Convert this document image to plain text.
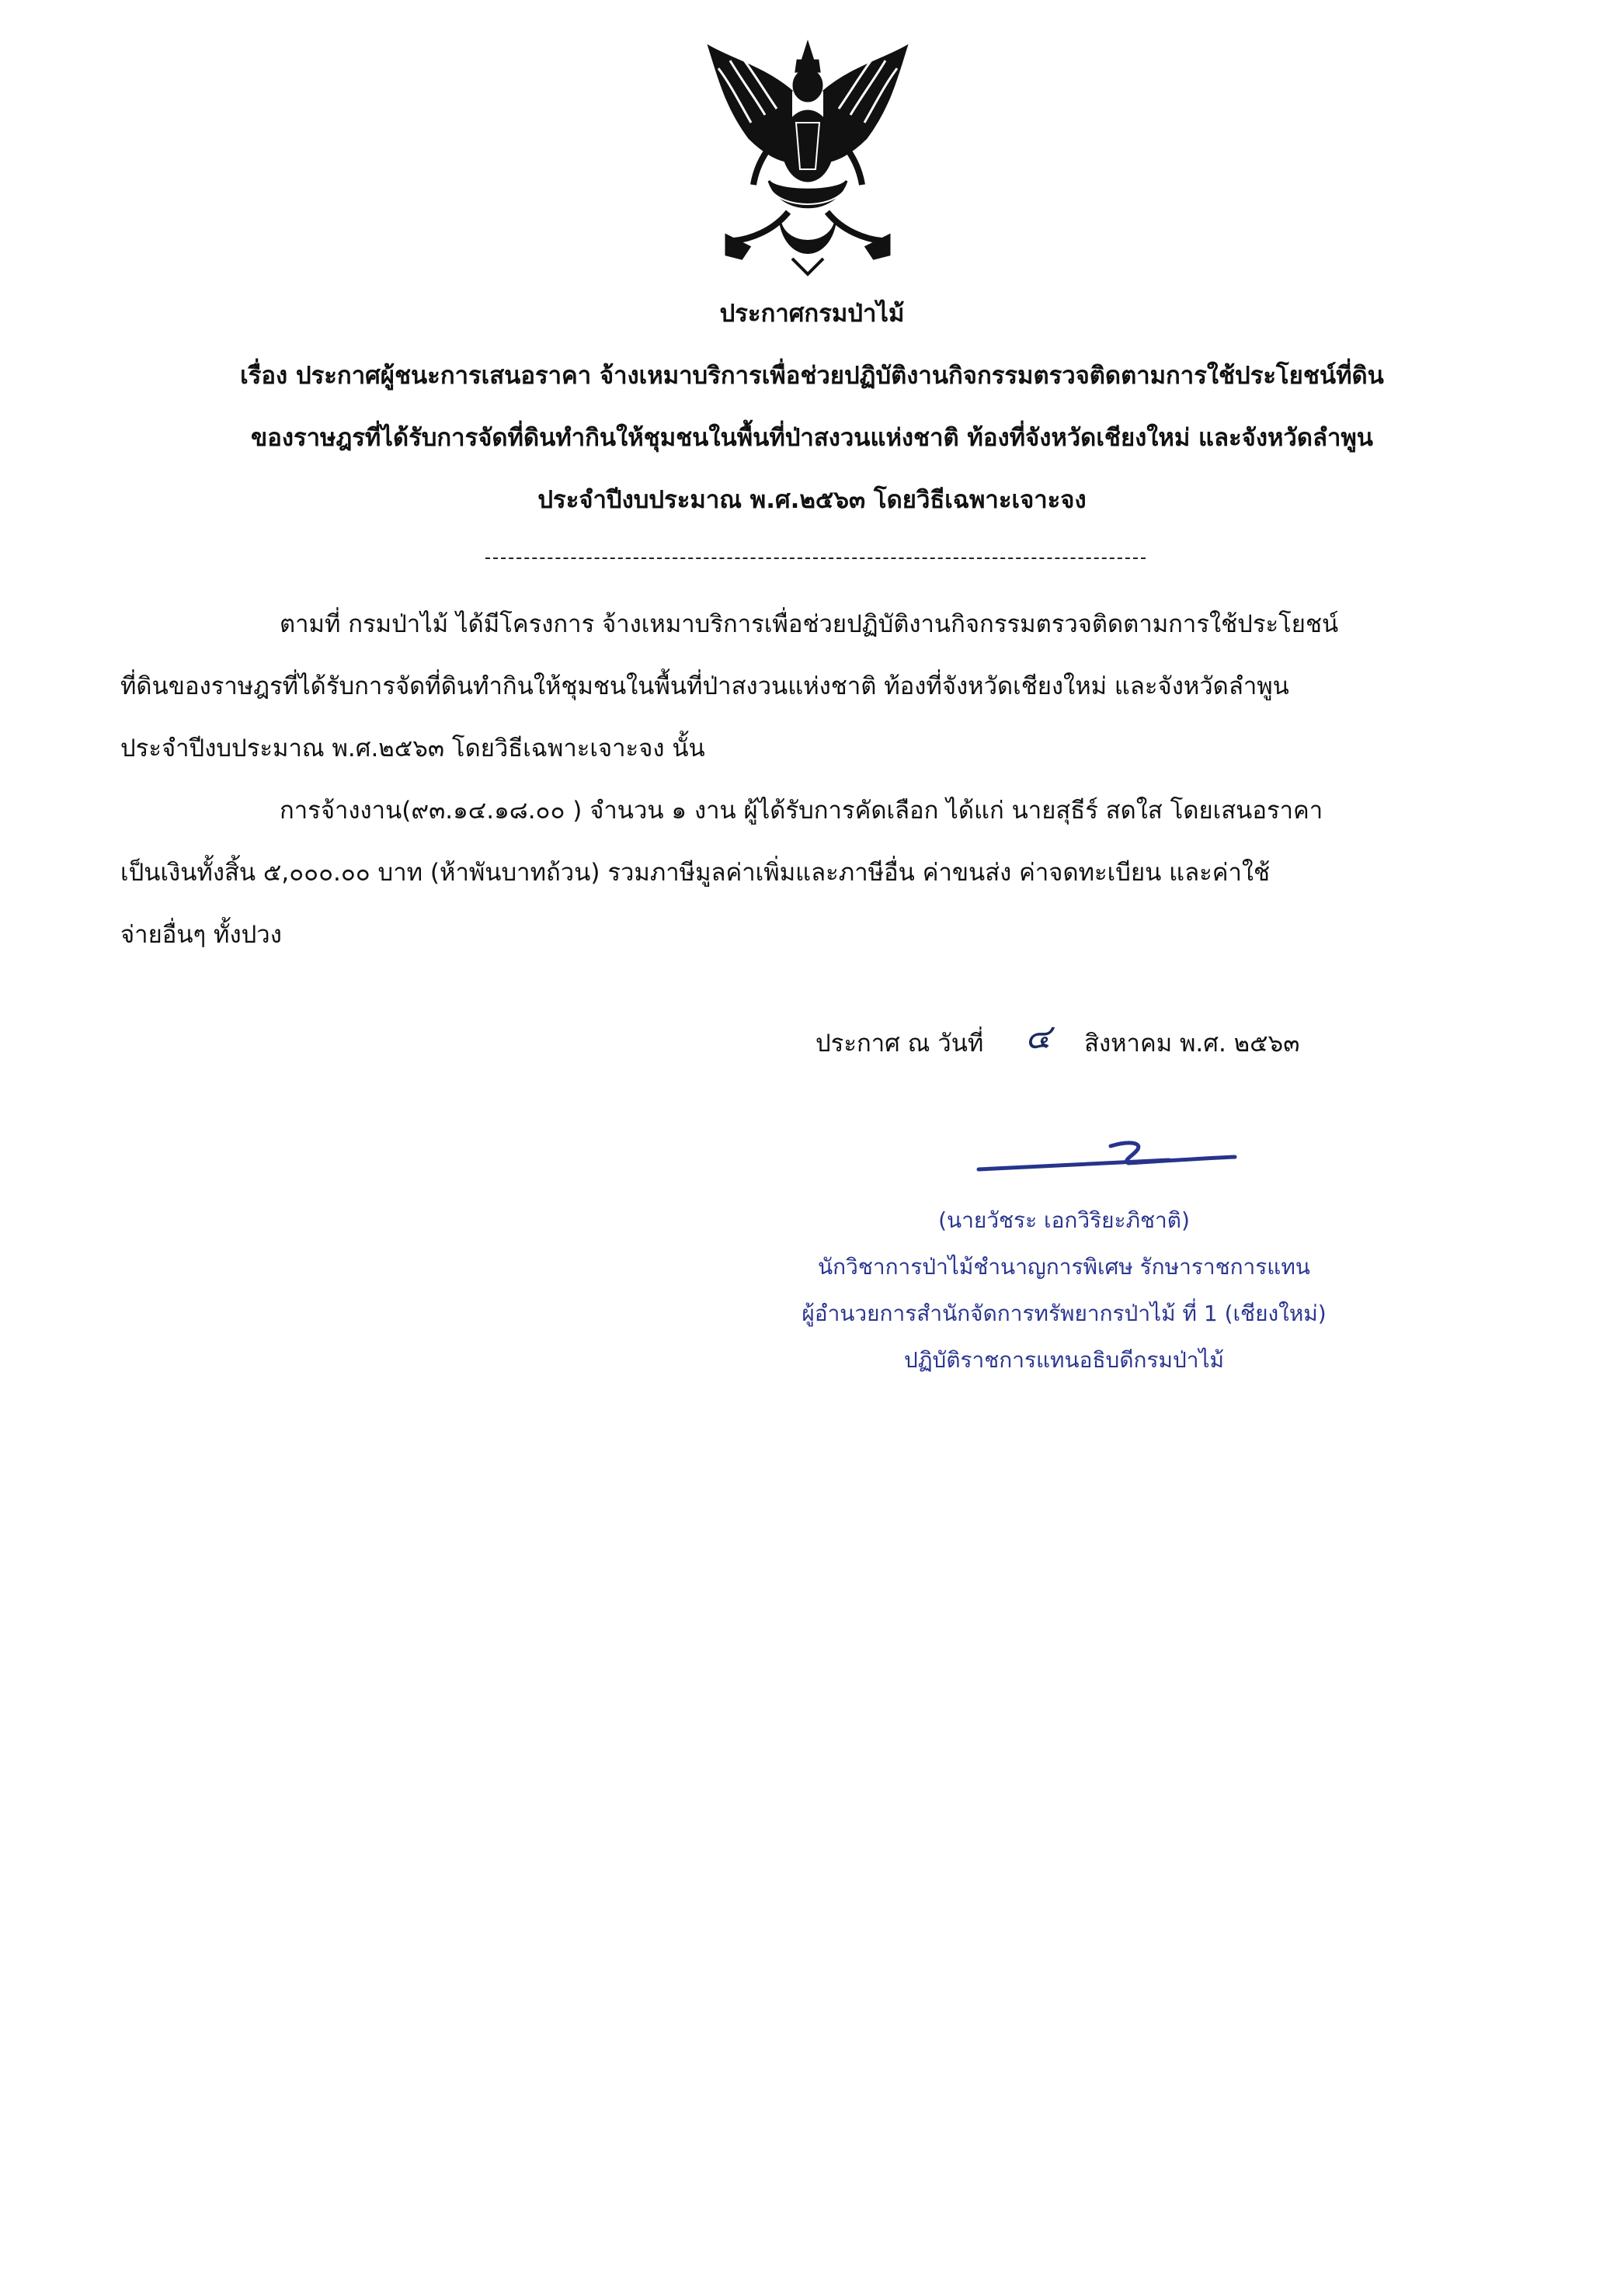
ประกาศกรมป่าไม้
เรื่อง ประกาศผู้ชนะการเสนอราคา จ้างเหมาบริการเพื่อช่วยปฏิบัติงานกิจกรรมตรวจติดตามการใช้ประโยชน์ที่ดิน
ของราษฎรที่ได้รับการจัดที่ดินทำกินให้ชุมชนในพื้นที่ป่าสงวนแห่งชาติ ท้องที่จังหวัดเชียงใหม่ และจังหวัดลำพูน
ประจำปีงบประมาณ พ.ศ.๒๕๖๓ โดยวิธีเฉพาะเจาะจง
ตามที่ กรมป่าไม้ ได้มีโครงการ จ้างเหมาบริการเพื่อช่วยปฏิบัติงานกิจกรรมตรวจติดตามการใช้ประโยชน์
ที่ดินของราษฎรที่ได้รับการจัดที่ดินทำกินให้ชุมชนในพื้นที่ป่าสงวนแห่งชาติ ท้องที่จังหวัดเชียงใหม่ และจังหวัดลำพูน
ประจำปีงบประมาณ พ.ศ.๒๕๖๓ โดยวิธีเฉพาะเจาะจง นั้น
การจ้างงาน(๙๓.๑๔.๑๘.๐๐ ) จำนวน ๑ งาน ผู้ได้รับการคัดเลือก ได้แก่ นายสุธีร์ สดใส โดยเสนอราคา
เป็นเงินทั้งสิ้น ๕,๐๐๐.๐๐ บาท (ห้าพันบาทถ้วน) รวมภาษีมูลค่าเพิ่มและภาษีอื่น ค่าขนส่ง ค่าจดทะเบียน และค่าใช้
จ่ายอื่นๆ ทั้งปวง
ประกาศ ณ วันที่ ๔ สิงหาคม พ.ศ. ๒๕๖๓
(นายวัชระ เอกวิริยะภิชาติ)
นักวิชาการป่าไม้ชำนาญการพิเศษ รักษาราชการแทน
ผู้อำนวยการสำนักจัดการทรัพยากรป่าไม้ ที่ 1 (เชียงใหม่)
ปฏิบัติราชการแทนอธิบดีกรมป่าไม้
